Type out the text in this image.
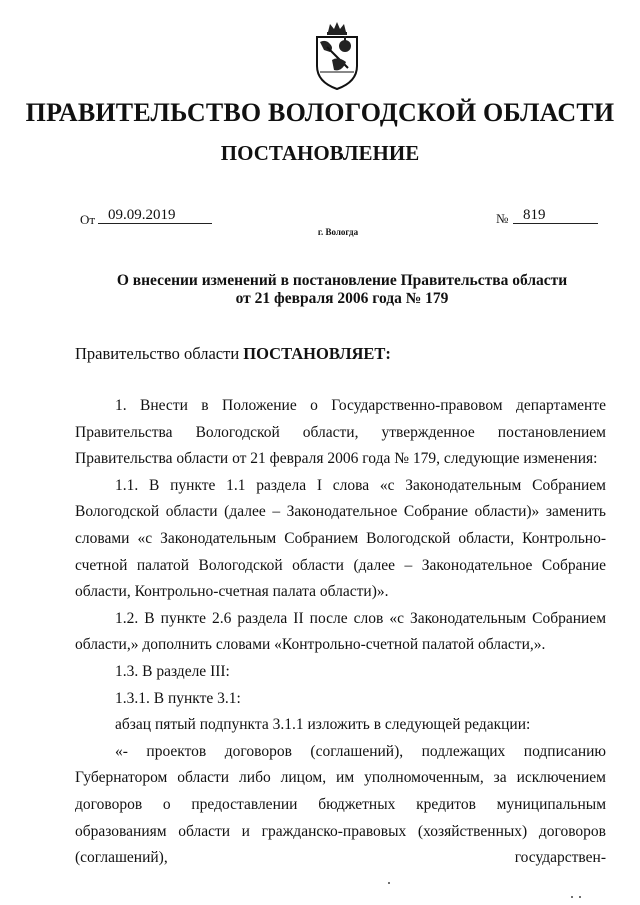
ПРАВИТЕЛЬСТВО ВОЛОГОДСКОЙ ОБЛАСТИ
ПОСТАНОВЛЕНИЕ
От 09.09.2019	№ 819
г. Вологда
О внесении изменений в постановление Правительства области
от 21 февраля 2006 года № 179
Правительство области ПОСТАНОВЛЯЕТ:

1. Внести в Положение о Государственно-правовом департаменте Правительства Вологодской области, утвержденное постановлением Правительства области от 21 февраля 2006 года № 179, следующие изменения:

1.1. В пункте 1.1 раздела I слова «с Законодательным Собранием Вологодской области (далее – Законодательное Собрание области)» заменить словами «с Законодательным Собранием Вологодской области, Контрольно-счетной палатой Вологодской области (далее – Законодательное Собрание области, Контрольно-счетная палата области)».

1.2. В пункте 2.6 раздела II после слов «с Законодательным Собранием области,» дополнить словами «Контрольно-счетной палатой области,».

1.3. В разделе III:

1.3.1. В пункте 3.1:

абзац пятый подпункта 3.1.1 изложить в следующей редакции:

«- проектов договоров (соглашений), подлежащих подписанию Губернатором области либо лицом, им уполномоченным, за исключением договоров о предоставлении бюджетных кредитов муниципальным образованиям области и гражданско-правовых (хозяйственных) договоров (соглашений), государствен-
